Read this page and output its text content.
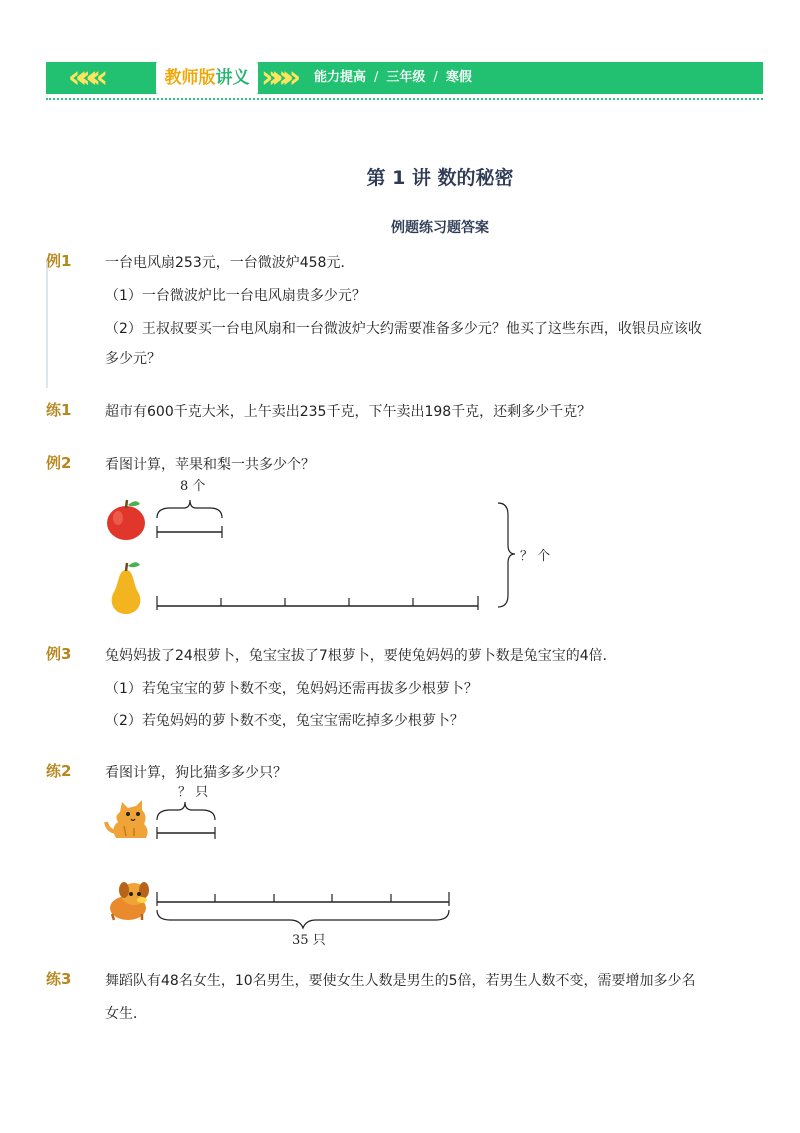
«««	教师版讲义 »»» 能力提高 / 三年级 / 寒假
第 1 讲 数的秘密
例题练习题答案
例1 一台电风扇253元，一台微波炉458元．
（1）一台微波炉比一台电风扇贵多少元？
（2）王叔叔要买一台电风扇和一台微波炉大约需要准备多少元？他买了这些东西，收银员应该收
多少元？
练1 超市有600千克大米，上午卖出235千克，下午卖出198千克，还剩多少千克？
例2 看图计算，苹果和梨一共多少个？
8 个
？ 个
例3 兔妈妈拔了24根萝卜，兔宝宝拔了7根萝卜，要使兔妈妈的萝卜数是兔宝宝的4倍．
（1）若兔宝宝的萝卜数不变，兔妈妈还需再拔多少根萝卜？
（2）若兔妈妈的萝卜数不变，兔宝宝需吃掉多少根萝卜？
练2 看图计算，狗比猫多多少只？
？ 只
35 只
练3 舞蹈队有48名女生，10名男生，要使女生人数是男生的5倍，若男生人数不变，需要增加多少名
女生．
